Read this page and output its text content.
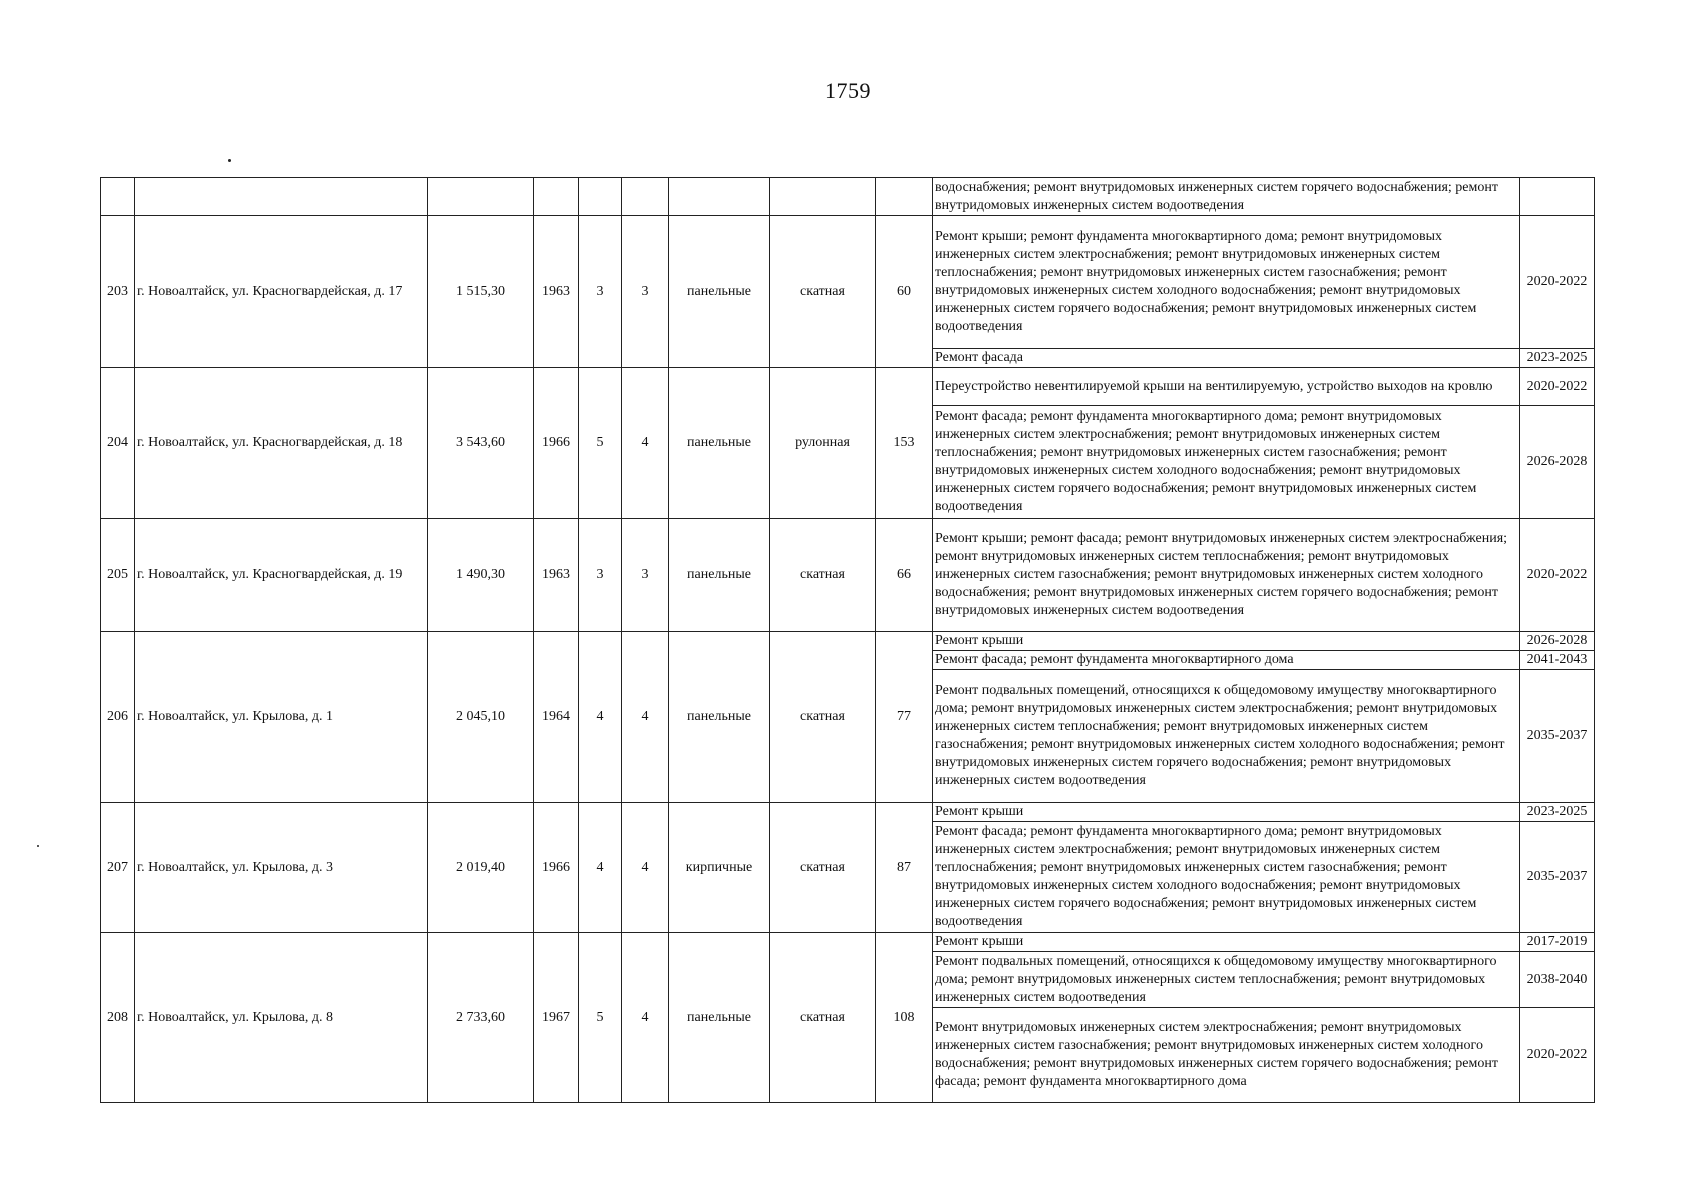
1759
									водоснабжения; ремонт внутридомовых инженерных систем горячего водоснабжения; ремонт внутридомовых инженерных систем водоотведения	
203	г. Новоалтайск, ул. Красногвардейская, д. 17	1 515,30	1963	3	3	панельные	скатная	60	Ремонт крыши; ремонт фундамента многоквартирного дома; ремонт внутридомовых инженерных систем электроснабжения; ремонт внутридомовых инженерных систем теплоснабжения; ремонт внутридомовых инженерных систем газоснабжения; ремонт внутридомовых инженерных систем холодного водоснабжения; ремонт внутридомовых инженерных систем горячего водоснабжения; ремонт внутридомовых инженерных систем водоотведения	2020-2022
									Ремонт фасада	2023-2025
204	г. Новоалтайск, ул. Красногвардейская, д. 18	3 543,60	1966	5	4	панельные	рулонная	153	Переустройство невентилируемой крыши на вентилируемую, устройство выходов на кровлю	2020-2022
									Ремонт фасада; ремонт фундамента многоквартирного дома; ремонт внутридомовых инженерных систем электроснабжения; ремонт внутридомовых инженерных систем теплоснабжения; ремонт внутридомовых инженерных систем газоснабжения; ремонт внутридомовых инженерных систем холодного водоснабжения; ремонт внутридомовых инженерных систем горячего водоснабжения; ремонт внутридомовых инженерных систем водоотведения	2026-2028
205	г. Новоалтайск, ул. Красногвардейская, д. 19	1 490,30	1963	3	3	панельные	скатная	66	Ремонт крыши; ремонт фасада; ремонт внутридомовых инженерных систем электроснабжения; ремонт внутридомовых инженерных систем теплоснабжения; ремонт внутридомовых инженерных систем газоснабжения; ремонт внутридомовых инженерных систем холодного водоснабжения; ремонт внутридомовых инженерных систем горячего водоснабжения; ремонт внутридомовых инженерных систем водоотведения	2020-2022
206	г. Новоалтайск, ул. Крылова, д. 1	2 045,10	1964	4	4	панельные	скатная	77	Ремонт крыши	2026-2028
									Ремонт фасада; ремонт фундамента многоквартирного дома	2041-2043
									Ремонт подвальных помещений, относящихся к общедомовому имуществу многоквартирного дома; ремонт внутридомовых инженерных систем электроснабжения; ремонт внутридомовых инженерных систем теплоснабжения; ремонт внутридомовых инженерных систем газоснабжения; ремонт внутридомовых инженерных систем холодного водоснабжения; ремонт внутридомовых инженерных систем горячего водоснабжения; ремонт внутридомовых инженерных систем водоотведения	2035-2037
207	г. Новоалтайск, ул. Крылова, д. 3	2 019,40	1966	4	4	кирпичные	скатная	87	Ремонт крыши	2023-2025
									Ремонт фасада; ремонт фундамента многоквартирного дома; ремонт внутридомовых инженерных систем электроснабжения; ремонт внутридомовых инженерных систем теплоснабжения; ремонт внутридомовых инженерных систем газоснабжения; ремонт внутридомовых инженерных систем холодного водоснабжения; ремонт внутридомовых инженерных систем горячего водоснабжения; ремонт внутридомовых инженерных систем водоотведения	2035-2037
208	г. Новоалтайск, ул. Крылова, д. 8	2 733,60	1967	5	4	панельные	скатная	108	Ремонт крыши	2017-2019
									Ремонт подвальных помещений, относящихся к общедомовому имуществу многоквартирного дома; ремонт внутридомовых инженерных систем теплоснабжения; ремонт внутридомовых инженерных систем водоотведения	2038-2040
									Ремонт внутридомовых инженерных систем электроснабжения; ремонт внутридомовых инженерных систем газоснабжения; ремонт внутридомовых инженерных систем холодного водоснабжения; ремонт внутридомовых инженерных систем горячего водоснабжения; ремонт фасада; ремонт фундамента многоквартирного дома	2020-2022
